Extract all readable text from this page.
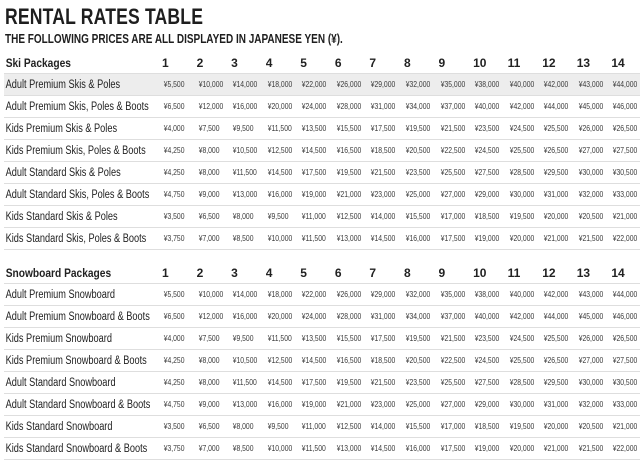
RENTAL RATES TABLE

THE FOLLOWING PRICES ARE ALL DISPLAYED IN JAPANESE YEN (¥).

Ski Packages	1	2	3	4	5	6	7	8	9	10	11	12	13	14
Adult Premium Skis & Poles	¥5,500	¥10,000	¥14,000	¥18,000	¥22,000	¥26,000	¥29,000	¥32,000	¥35,000	¥38,000	¥40,000	¥42,000	¥43,000	¥44,000
Adult Premium Skis, Poles & Boots	¥6,500	¥12,000	¥16,000	¥20,000	¥24,000	¥28,000	¥31,000	¥34,000	¥37,000	¥40,000	¥42,000	¥44,000	¥45,000	¥46,000
Kids Premium Skis & Poles	¥4,000	¥7,500	¥9,500	¥11,500	¥13,500	¥15,500	¥17,500	¥19,500	¥21,500	¥23,500	¥24,500	¥25,500	¥26,000	¥26,500
Kids Premium Skis, Poles & Boots	¥4,250	¥8,000	¥10,500	¥12,500	¥14,500	¥16,500	¥18,500	¥20,500	¥22,500	¥24,500	¥25,500	¥26,500	¥27,000	¥27,500
Adult Standard Skis & Poles	¥4,250	¥8,000	¥11,500	¥14,500	¥17,500	¥19,500	¥21,500	¥23,500	¥25,500	¥27,500	¥28,500	¥29,500	¥30,000	¥30,500
Adult Standard Skis, Poles & Boots	¥4,750	¥9,000	¥13,000	¥16,000	¥19,000	¥21,000	¥23,000	¥25,000	¥27,000	¥29,000	¥30,000	¥31,000	¥32,000	¥33,000
Kids Standard Skis & Poles	¥3,500	¥6,500	¥8,000	¥9,500	¥11,000	¥12,500	¥14,000	¥15,500	¥17,000	¥18,500	¥19,500	¥20,000	¥20,500	¥21,000
Kids Standard Skis, Poles & Boots	¥3,750	¥7,000	¥8,500	¥10,000	¥11,500	¥13,000	¥14,500	¥16,000	¥17,500	¥19,000	¥20,000	¥21,000	¥21,500	¥22,000
Snowboard Packages	1	2	3	4	5	6	7	8	9	10	11	12	13	14
Adult Premium Snowboard	¥5,500	¥10,000	¥14,000	¥18,000	¥22,000	¥26,000	¥29,000	¥32,000	¥35,000	¥38,000	¥40,000	¥42,000	¥43,000	¥44,000
Adult Premium Snowboard & Boots	¥6,500	¥12,000	¥16,000	¥20,000	¥24,000	¥28,000	¥31,000	¥34,000	¥37,000	¥40,000	¥42,000	¥44,000	¥45,000	¥46,000
Kids Premium Snowboard	¥4,000	¥7,500	¥9,500	¥11,500	¥13,500	¥15,500	¥17,500	¥19,500	¥21,500	¥23,500	¥24,500	¥25,500	¥26,000	¥26,500
Kids Premium Snowboard & Boots	¥4,250	¥8,000	¥10,500	¥12,500	¥14,500	¥16,500	¥18,500	¥20,500	¥22,500	¥24,500	¥25,500	¥26,500	¥27,000	¥27,500
Adult Standard Snowboard	¥4,250	¥8,000	¥11,500	¥14,500	¥17,500	¥19,500	¥21,500	¥23,500	¥25,500	¥27,500	¥28,500	¥29,500	¥30,000	¥30,500
Adult Standard Snowboard & Boots	¥4,750	¥9,000	¥13,000	¥16,000	¥19,000	¥21,000	¥23,000	¥25,000	¥27,000	¥29,000	¥30,000	¥31,000	¥32,000	¥33,000
Kids Standard Snowboard	¥3,500	¥6,500	¥8,000	¥9,500	¥11,000	¥12,500	¥14,000	¥15,500	¥17,000	¥18,500	¥19,500	¥20,000	¥20,500	¥21,000
Kids Standard Snowboard & Boots	¥3,750	¥7,000	¥8,500	¥10,000	¥11,500	¥13,000	¥14,500	¥16,000	¥17,500	¥19,000	¥20,000	¥21,000	¥21,500	¥22,000
